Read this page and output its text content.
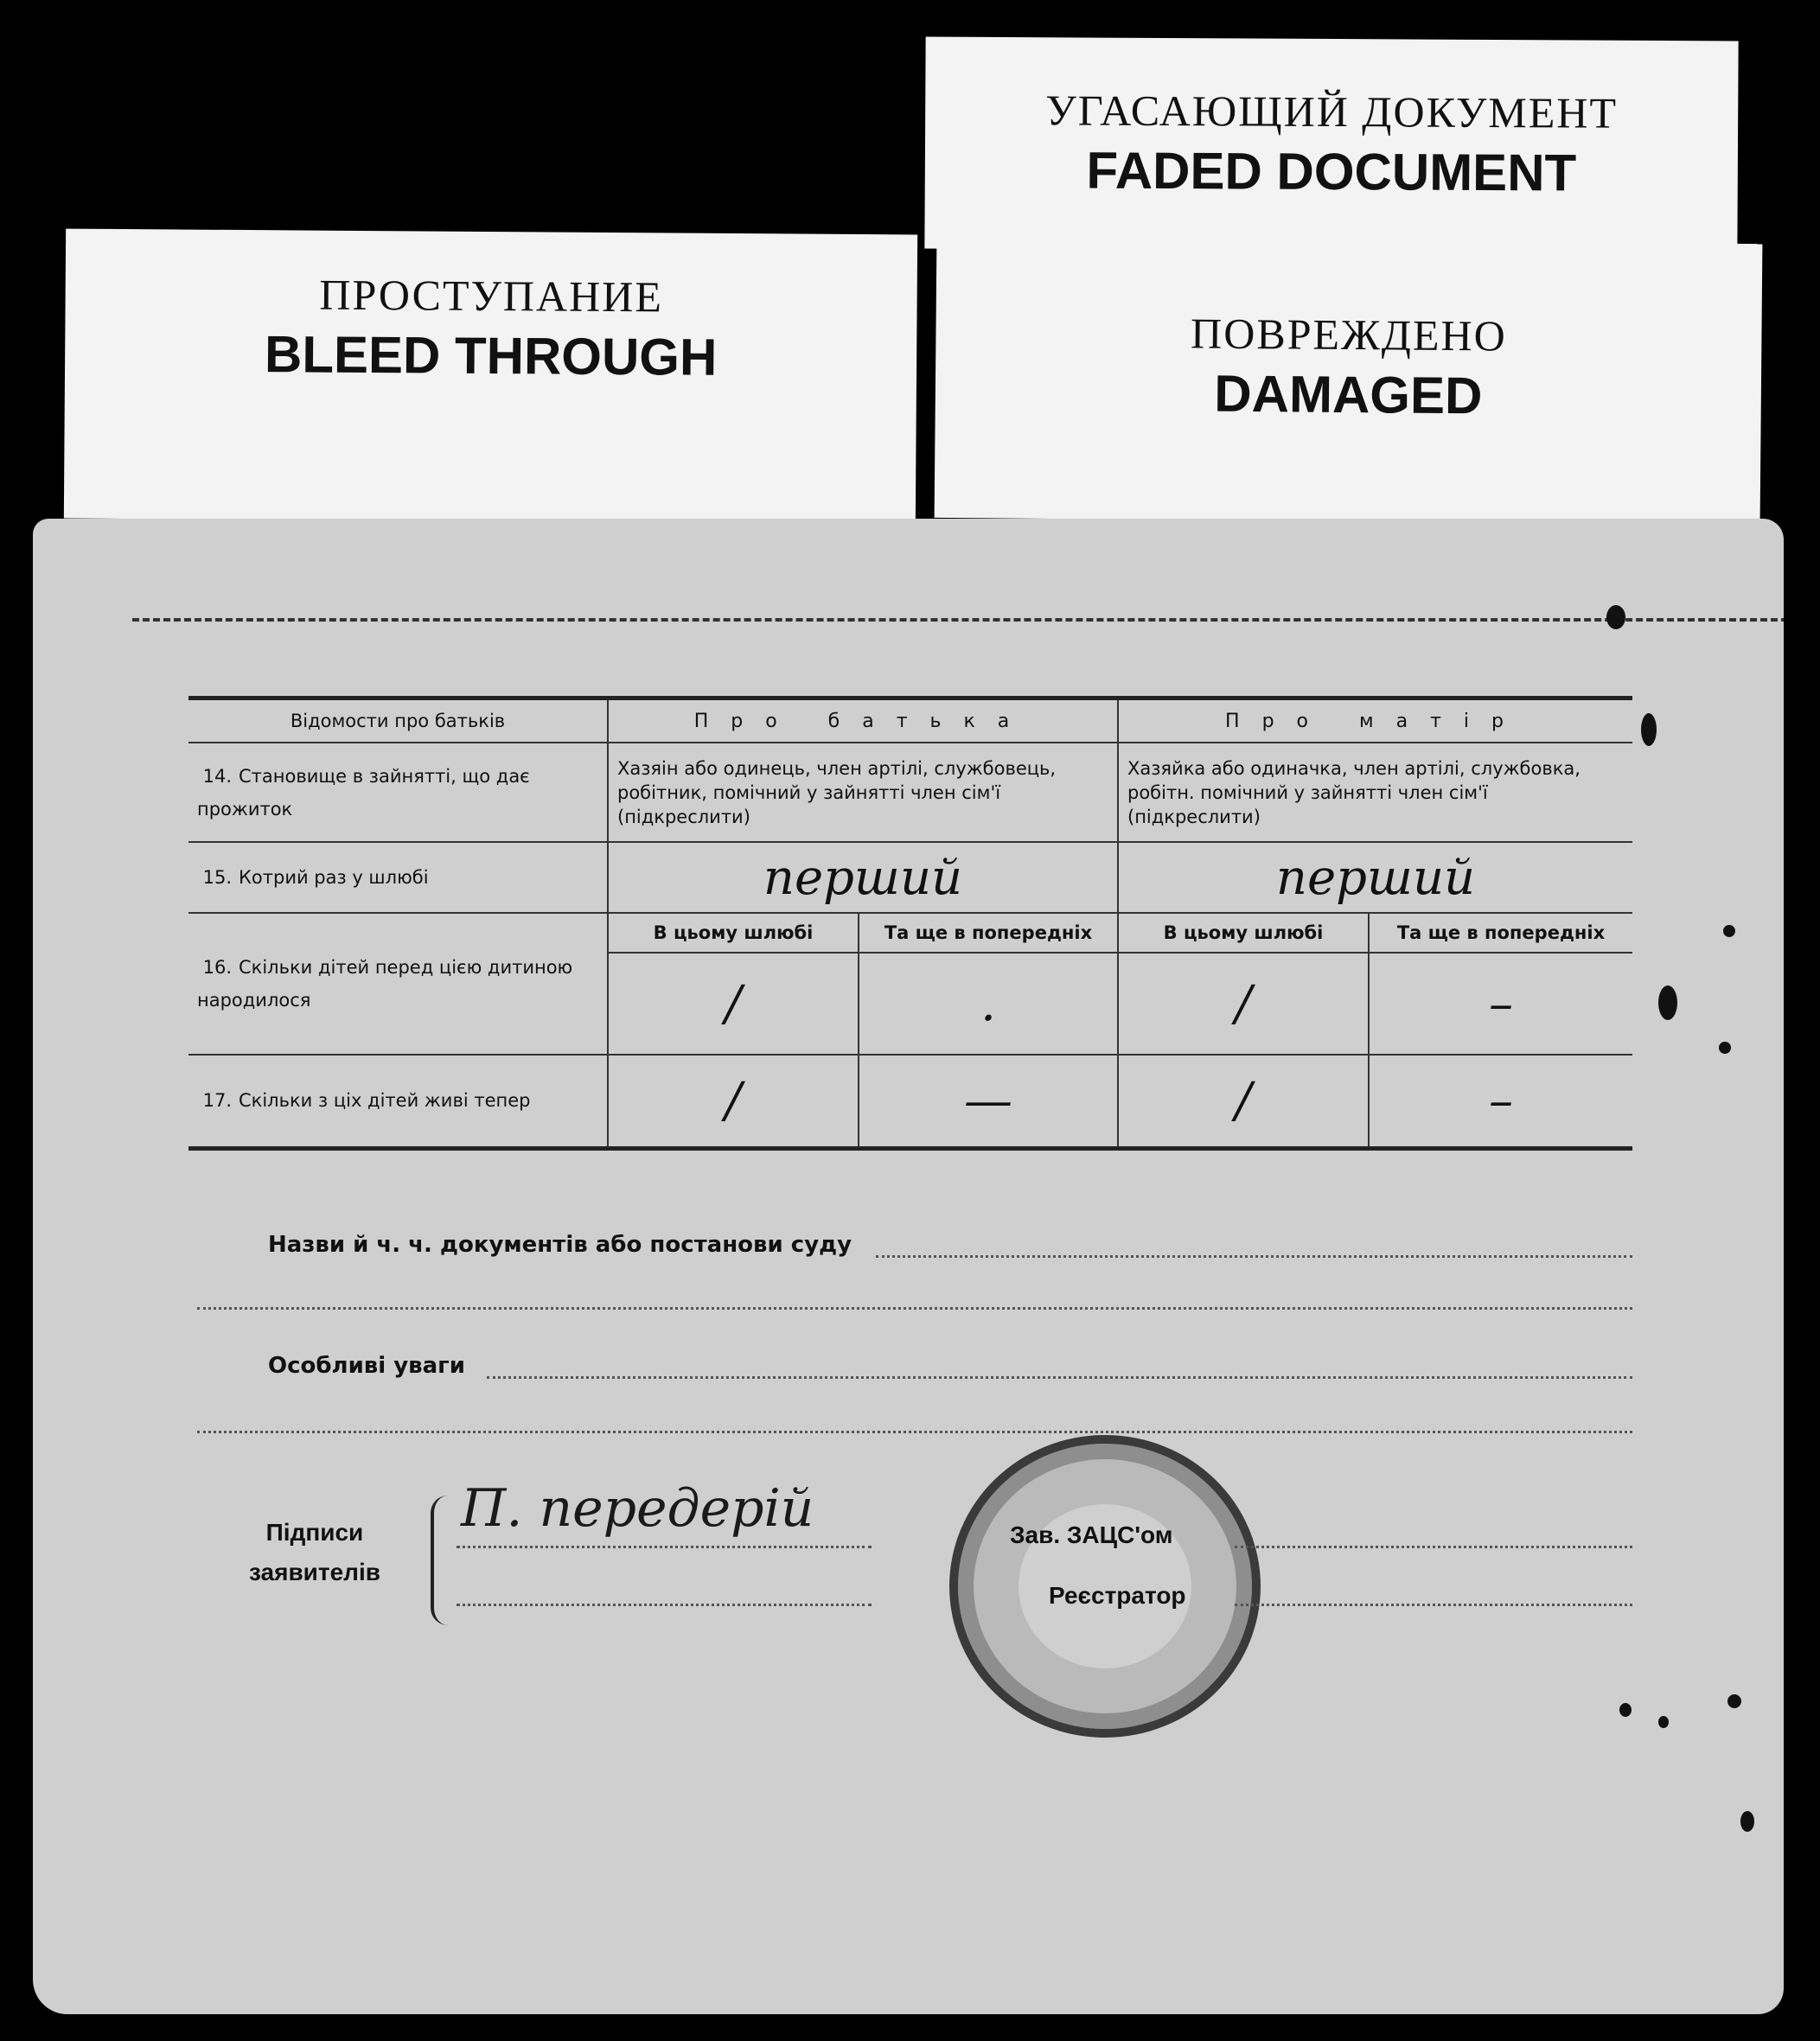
УГАСАЮЩИЙ ДОКУМЕНТ
FADED DOCUMENT
ПРОСТУПАНИЕ
BLEED THROUGH	ПОВРЕЖДЕНО
DAMAGED
Відомости про батьків	Про батька		Про матір	
14. Становище в зайнятті, що дає прожиток	Хазяін або одинець, член артілі, службовець, робітник, помічний у зайнятті член сім'ї (підкреслити)		Хазяйка або одиначка, член артілі, службовка, робітн. помічний у зайнятті член сім'ї (підкреслити)	
15. Котрий раз у шлюбі	перший		перший	
16. Скільки дітей перед цією дитиною народилося	В цьому шлюбі	Та ще в попередніх	В цьому шлюбі	Та ще в попередніх
	/	.	/	–
17. Скільки з ціх дітей живі тепер	/	—	/	–
Назви й ч. ч. документів або постанови суду
Особливі уваги
Підписи
заявителів
П. передерій	Зав. ЗАЦС'ом
Реєстратор
